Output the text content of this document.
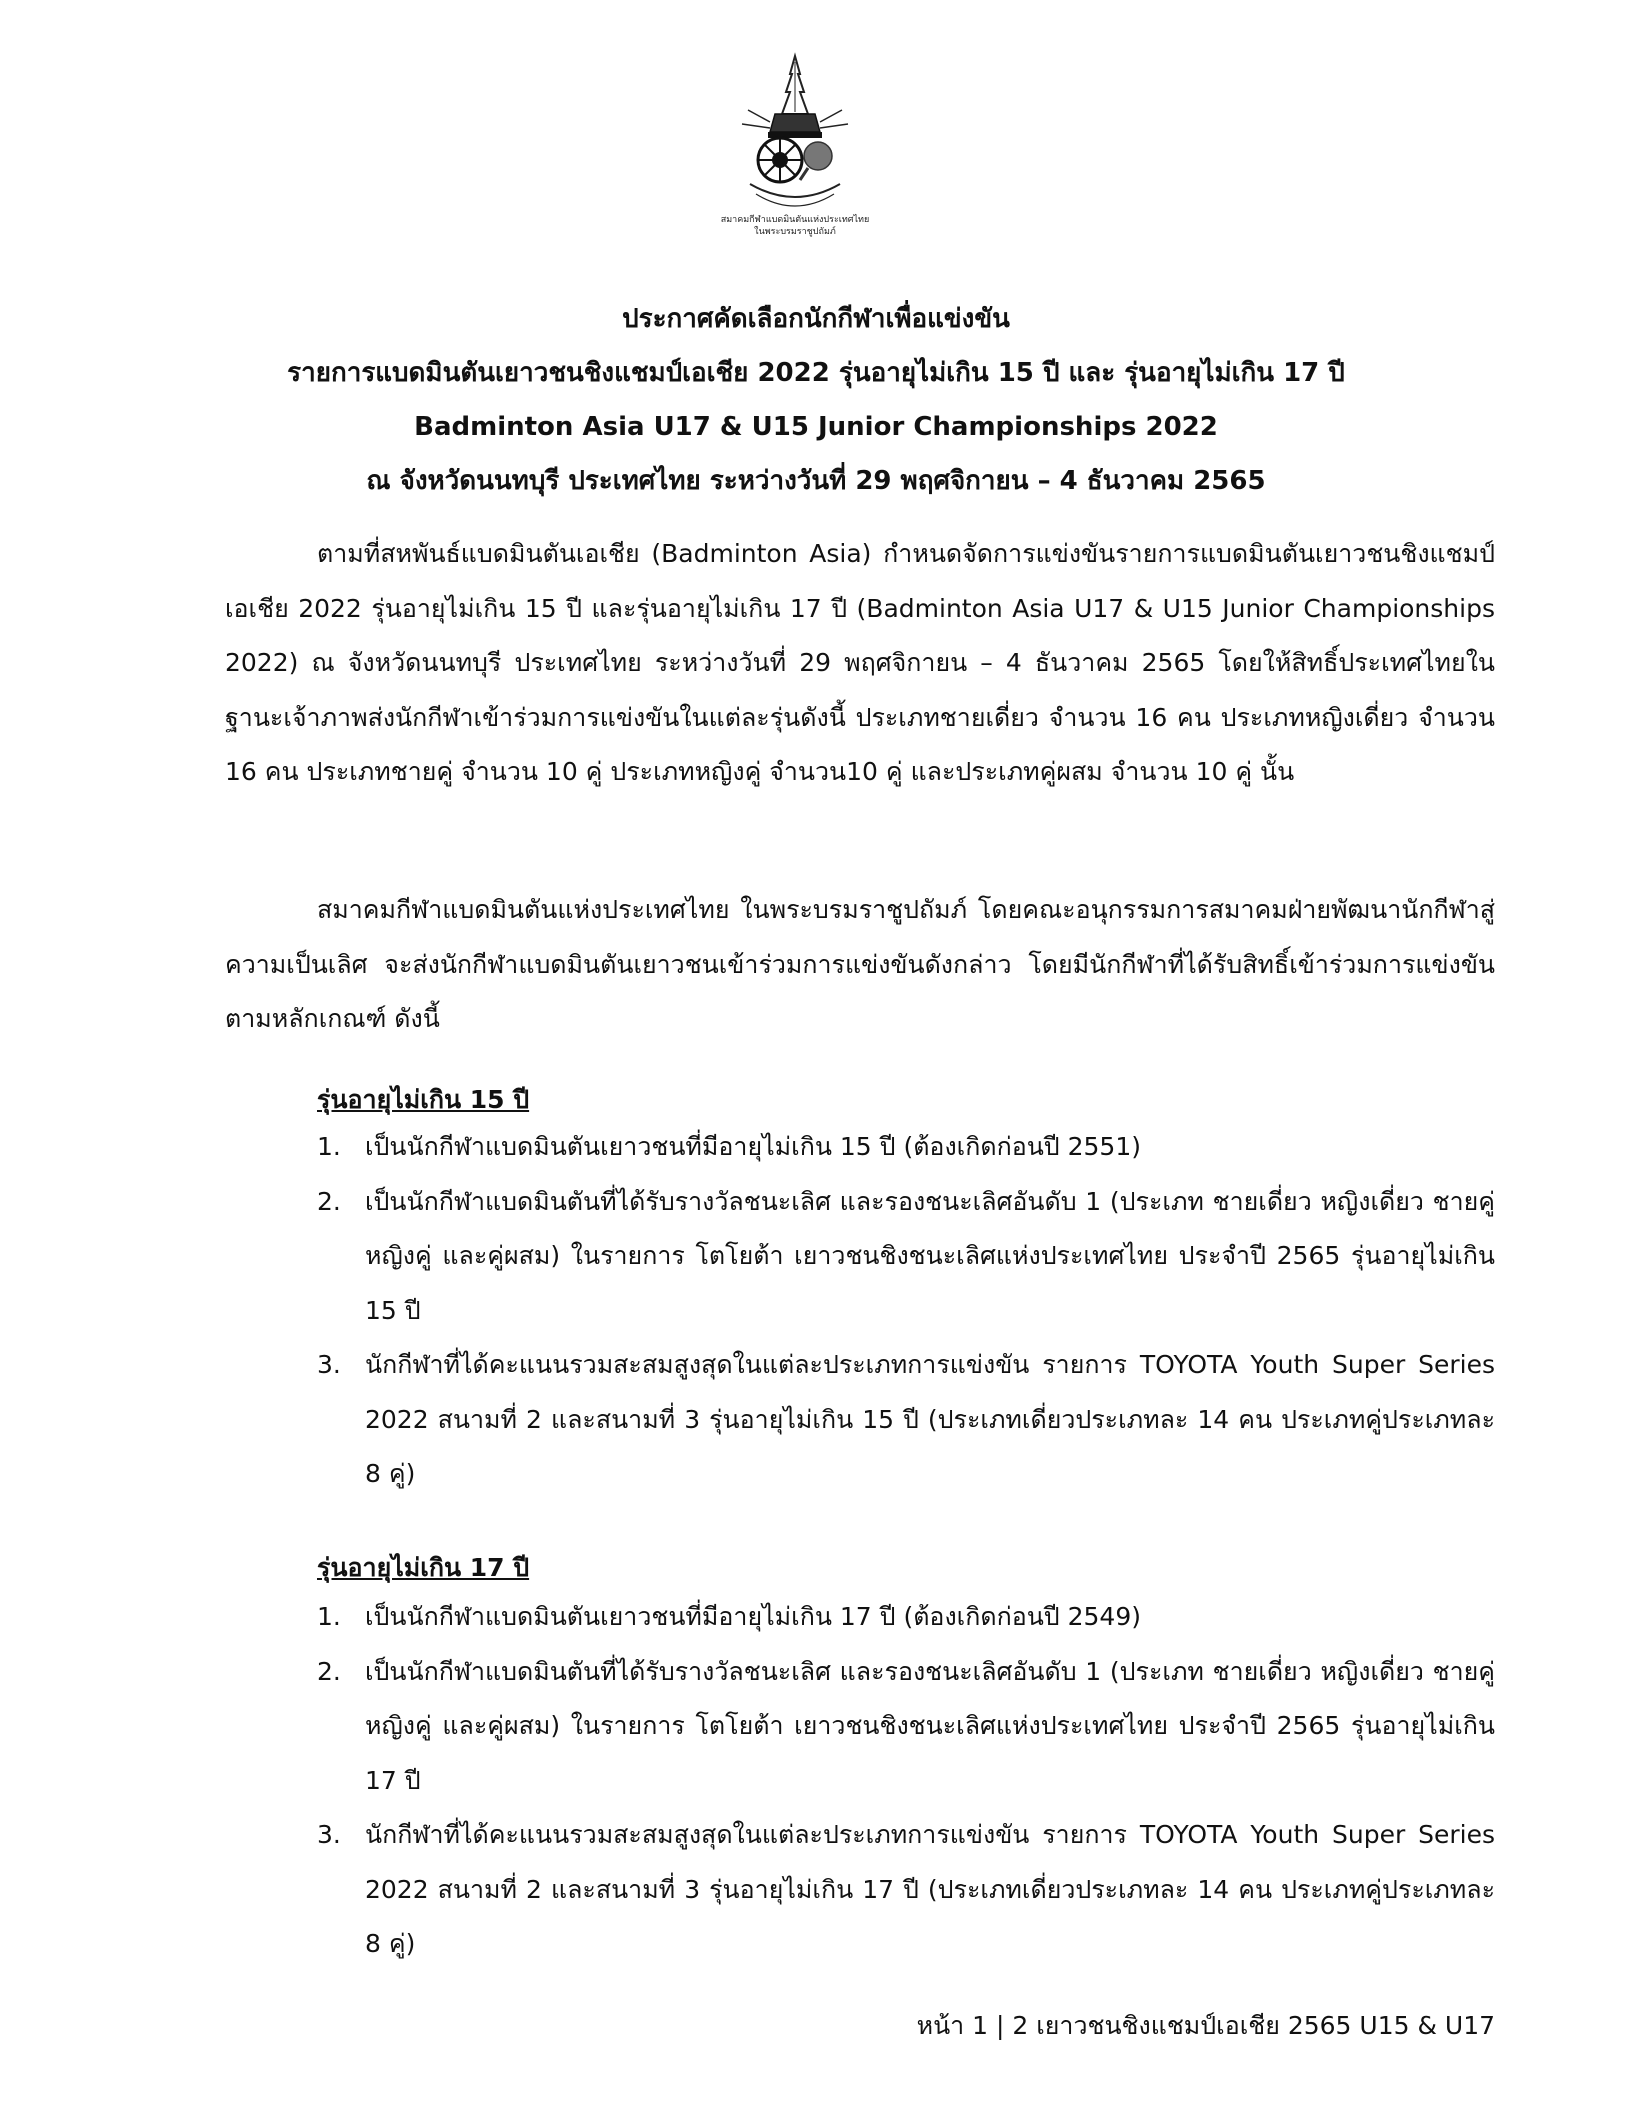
สมาคมกีฬาแบดมินตันแห่งประเทศไทย
ในพระบรมราชูปถัมภ์
ประกาศคัดเลือกนักกีฬาเพื่อแข่งขัน
รายการแบดมินตันเยาวชนชิงแชมป์เอเชีย 2022 รุ่นอายุไม่เกิน 15 ปี และ รุ่นอายุไม่เกิน 17 ปี
Badminton Asia U17 & U15 Junior Championships 2022
ณ จังหวัดนนทบุรี ประเทศไทย ระหว่างวันที่ 29 พฤศจิกายน – 4 ธันวาคม 2565
ตามที่สหพันธ์แบดมินตันเอเชีย (Badminton Asia) กำหนดจัดการแข่งขันรายการแบดมินตันเยาวชนชิงแชมป์เอเชีย 2022 รุ่นอายุไม่เกิน 15 ปี และรุ่นอายุไม่เกิน 17 ปี (Badminton Asia U17 & U15 Junior Championships 2022) ณ จังหวัดนนทบุรี ประเทศไทย ระหว่างวันที่ 29 พฤศจิกายน – 4 ธันวาคม 2565 โดยให้สิทธิ์ประเทศไทยในฐานะเจ้าภาพส่งนักกีฬาเข้าร่วมการแข่งขันในแต่ละรุ่นดังนี้ ประเภทชายเดี่ยว จำนวน 16 คน ประเภทหญิงเดี่ยว จำนวน 16 คน ประเภทชายคู่ จำนวน 10 คู่ ประเภทหญิงคู่ จำนวน10 คู่ และประเภทคู่ผสม จำนวน 10 คู่ นั้น
สมาคมกีฬาแบดมินตันแห่งประเทศไทย ในพระบรมราชูปถัมภ์ โดยคณะอนุกรรมการสมาคมฝ่ายพัฒนานักกีฬาสู่ความเป็นเลิศ จะส่งนักกีฬาแบดมินตันเยาวชนเข้าร่วมการแข่งขันดังกล่าว โดยมีนักกีฬาที่ได้รับสิทธิ์เข้าร่วมการแข่งขัน ตามหลักเกณฑ์ ดังนี้
รุ่นอายุไม่เกิน 15 ปี
1. เป็นนักกีฬาแบดมินตันเยาวชนที่มีอายุไม่เกิน 15 ปี (ต้องเกิดก่อนปี 2551)
2. เป็นนักกีฬาแบดมินตันที่ได้รับรางวัลชนะเลิศ และรองชนะเลิศอันดับ 1 (ประเภท ชายเดี่ยว หญิงเดี่ยว ชายคู่ หญิงคู่ และคู่ผสม) ในรายการ โตโยต้า เยาวชนชิงชนะเลิศแห่งประเทศไทย ประจำปี 2565 รุ่นอายุไม่เกิน 15 ปี
3. นักกีฬาที่ได้คะแนนรวมสะสมสูงสุดในแต่ละประเภทการแข่งขัน รายการ TOYOTA Youth Super Series 2022 สนามที่ 2 และสนามที่ 3 รุ่นอายุไม่เกิน 15 ปี (ประเภทเดี่ยวประเภทละ 14 คน ประเภทคู่ประเภทละ 8 คู่)
รุ่นอายุไม่เกิน 17 ปี
1. เป็นนักกีฬาแบดมินตันเยาวชนที่มีอายุไม่เกิน 17 ปี (ต้องเกิดก่อนปี 2549)
2. เป็นนักกีฬาแบดมินตันที่ได้รับรางวัลชนะเลิศ และรองชนะเลิศอันดับ 1 (ประเภท ชายเดี่ยว หญิงเดี่ยว ชายคู่ หญิงคู่ และคู่ผสม) ในรายการ โตโยต้า เยาวชนชิงชนะเลิศแห่งประเทศไทย ประจำปี 2565 รุ่นอายุไม่เกิน 17 ปี
3. นักกีฬาที่ได้คะแนนรวมสะสมสูงสุดในแต่ละประเภทการแข่งขัน รายการ TOYOTA Youth Super Series 2022 สนามที่ 2 และสนามที่ 3 รุ่นอายุไม่เกิน 17 ปี (ประเภทเดี่ยวประเภทละ 14 คน ประเภทคู่ประเภทละ 8 คู่)
หน้า 1 | 2 เยาวชนชิงแชมป์เอเชีย 2565 U15 & U17
